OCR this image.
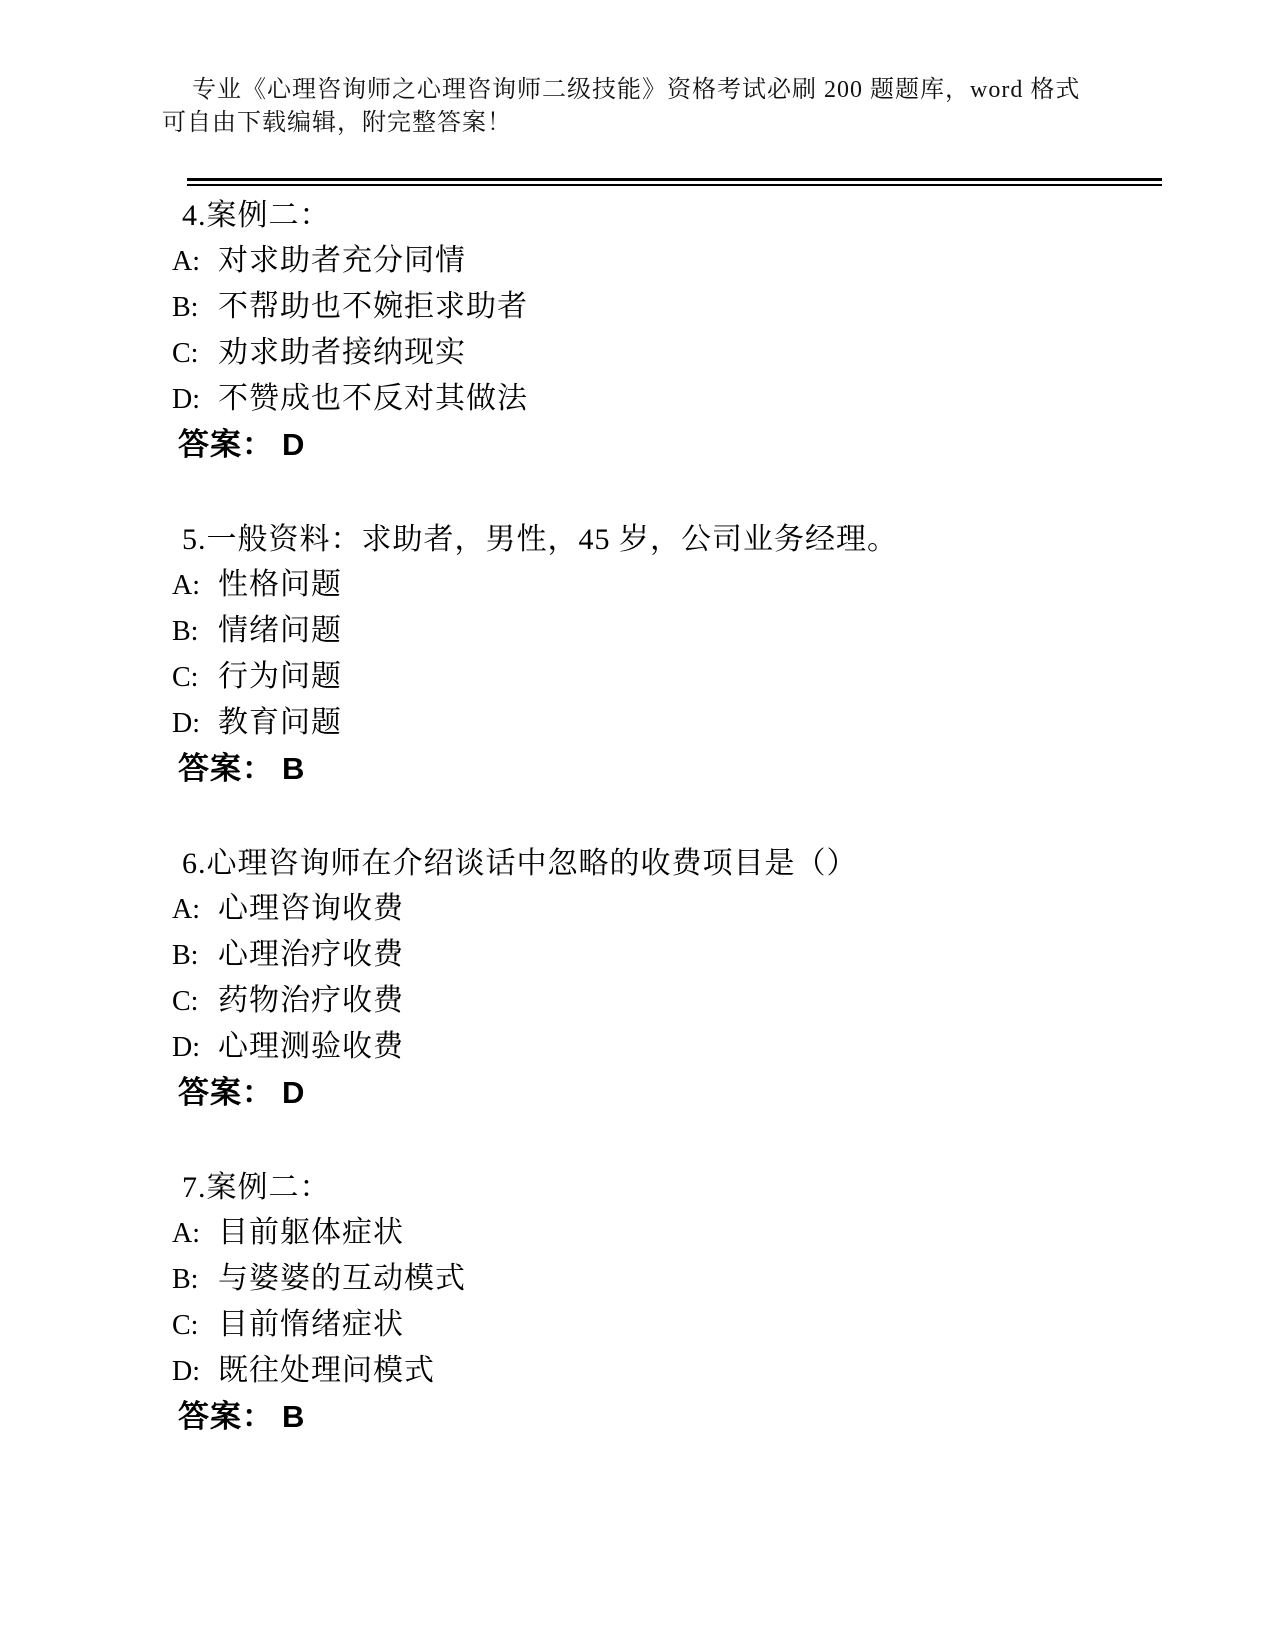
专业《心理咨询师之心理咨询师二级技能》资格考试必刷 200 题题库，word 格式
可自由下载编辑，附完整答案！

4.案例二：

A: 对求助者充分同情

B: 不帮助也不婉拒求助者

C: 劝求助者接纳现实

D: 不赞成也不反对其做法

答案： D

5.一般资料：求助者，男性，45 岁，公司业务经理。

A: 性格问题

B: 情绪问题

C: 行为问题

D: 教育问题

答案： B

6.心理咨询师在介绍谈话中忽略的收费项目是（）

A: 心理咨询收费

B: 心理治疗收费

C: 药物治疗收费

D: 心理测验收费

答案： D

7.案例二：

A: 目前躯体症状

B: 与婆婆的互动模式

C: 目前惰绪症状

D: 既往处理问模式

答案： B
